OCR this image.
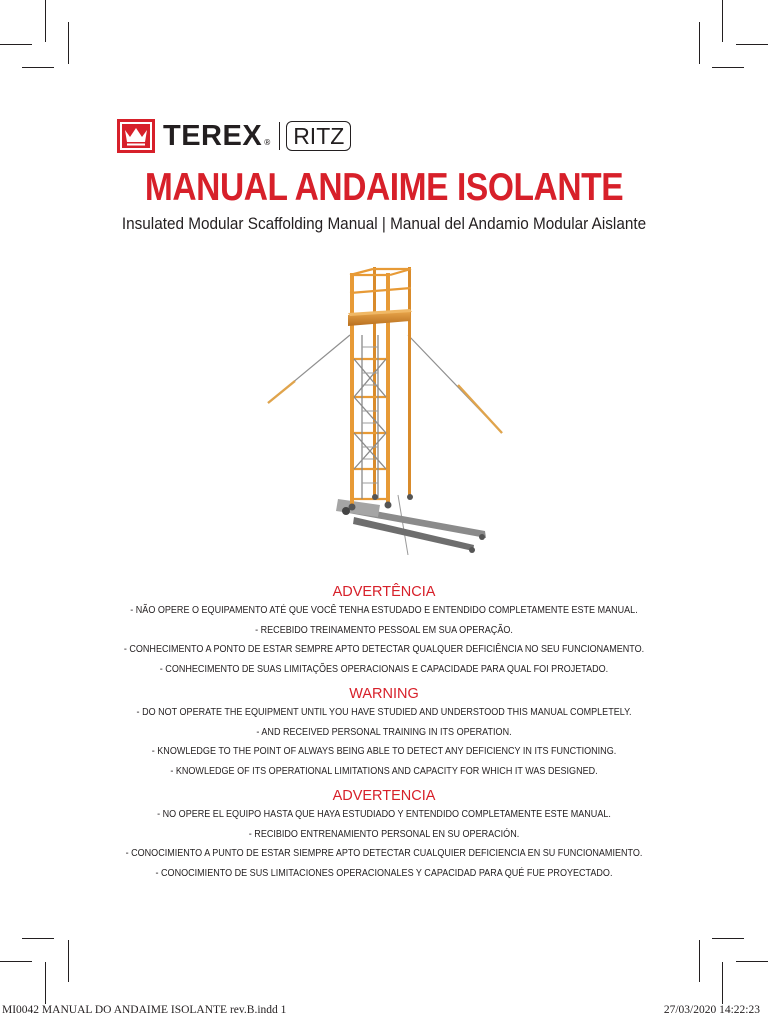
TEREX ® RITZ
MANUAL ANDAIME ISOLANTE
Insulated Modular Scaffolding Manual | Manual del Andamio Modular Aislante
ADVERTÊNCIA
- NÃO OPERE O EQUIPAMENTO ATÉ QUE VOCÊ TENHA ESTUDADO E ENTENDIDO COMPLETAMENTE ESTE MANUAL.
- RECEBIDO TREINAMENTO PESSOAL EM SUA OPERAÇÃO.
- CONHECIMENTO A PONTO DE ESTAR SEMPRE APTO DETECTAR QUALQUER DEFICIÊNCIA NO SEU FUNCIONAMENTO.
- CONHECIMENTO DE SUAS LIMITAÇÕES OPERACIONAIS E CAPACIDADE PARA QUAL FOI PROJETADO.
WARNING
- DO NOT OPERATE THE EQUIPMENT UNTIL YOU HAVE STUDIED AND UNDERSTOOD THIS MANUAL COMPLETELY.
- AND RECEIVED PERSONAL TRAINING IN ITS OPERATION.
- KNOWLEDGE TO THE POINT OF ALWAYS BEING ABLE TO DETECT ANY DEFICIENCY IN ITS FUNCTIONING.
- KNOWLEDGE OF ITS OPERATIONAL LIMITATIONS AND CAPACITY FOR WHICH IT WAS DESIGNED.
ADVERTENCIA
- NO OPERE EL EQUIPO HASTA QUE HAYA ESTUDIADO Y ENTENDIDO COMPLETAMENTE ESTE MANUAL.
- RECIBIDO ENTRENAMIENTO PERSONAL EN SU OPERACIÓN.
- CONOCIMIENTO A PUNTO DE ESTAR SIEMPRE APTO DETECTAR CUALQUIER DEFICIENCIA EN SU FUNCIONAMIENTO.
- CONOCIMIENTO DE SUS LIMITACIONES OPERACIONALES Y CAPACIDAD PARA QUÉ FUE PROYECTADO.
MI0042 MANUAL DO ANDAIME ISOLANTE rev.B.indd 1	27/03/2020 14:22:23
